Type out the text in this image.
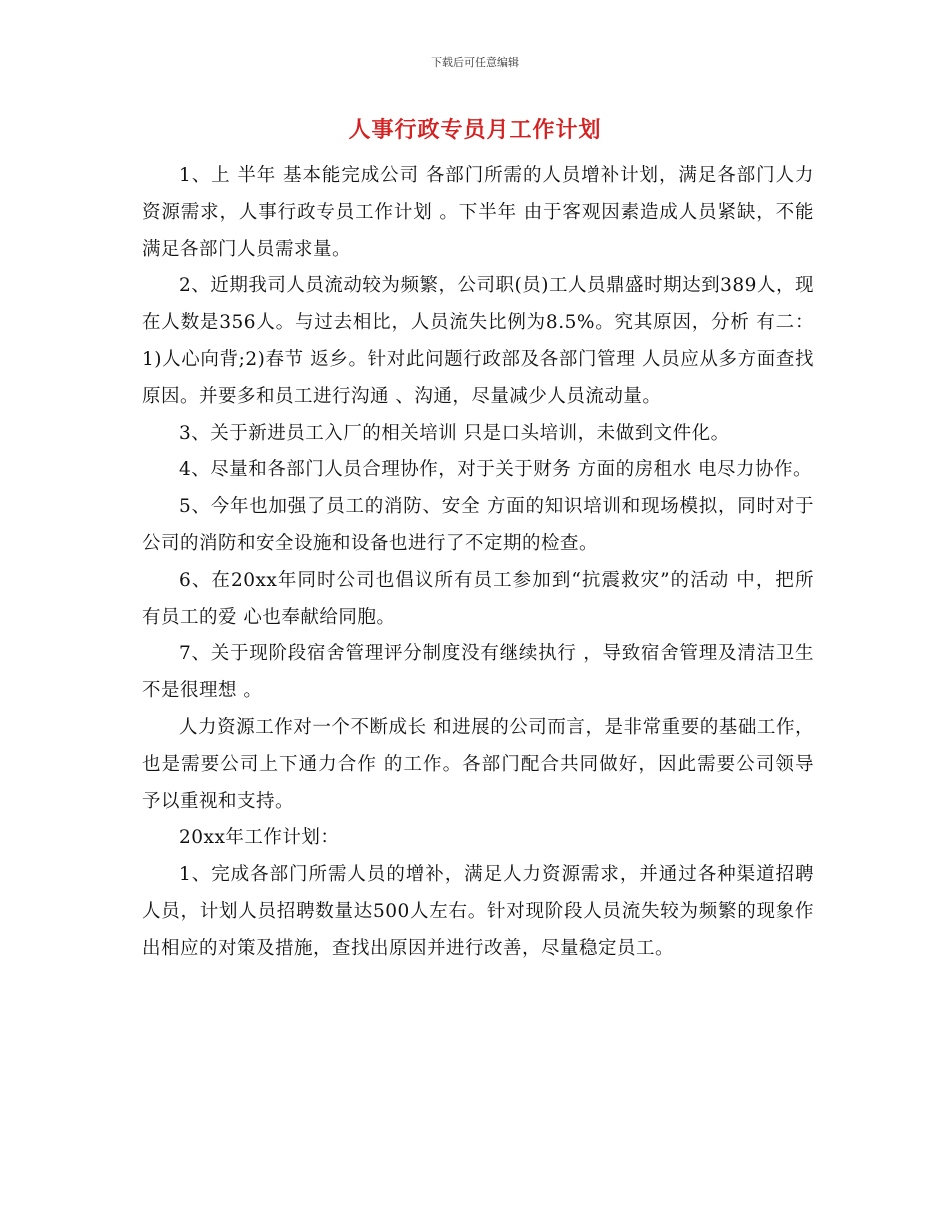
下载后可任意编辑
人事行政专员月工作计划

1、上 半年 基本能完成公司 各部门所需的人员增补计划，满足各部门人力资源需求，人事行政专员工作计划 。下半年 由于客观因素造成人员紧缺，不能满足各部门人员需求量。

2、近期我司人员流动较为频繁，公司职(员)工人员鼎盛时期达到389人，现在人数是356人。与过去相比，人员流失比例为8.5%。究其原因，分析 有二：1)人心向背;2)春节 返乡。针对此问题行政部及各部门管理 人员应从多方面查找原因。并要多和员工进行沟通 、沟通，尽量减少人员流动量。

3、关于新进员工入厂的相关培训 只是口头培训，未做到文件化。

4、尽量和各部门人员合理协作，对于关于财务 方面的房租水 电尽力协作。

5、今年也加强了员工的消防、安全 方面的知识培训和现场模拟，同时对于公司的消防和安全设施和设备也进行了不定期的检查。

6、在20xx年同时公司也倡议所有员工参加到“抗震救灾”的活动 中，把所有员工的爱 心也奉献给同胞。

7、关于现阶段宿舍管理评分制度没有继续执行 ，导致宿舍管理及清洁卫生不是很理想 。

人力资源工作对一个不断成长 和进展的公司而言，是非常重要的基础工作，也是需要公司上下通力合作 的工作。各部门配合共同做好，因此需要公司领导 予以重视和支持。

20xx年工作计划：

1、完成各部门所需人员的增补，满足人力资源需求，并通过各种渠道招聘 人员，计划人员招聘数量达500人左右。针对现阶段人员流失较为频繁的现象作出相应的对策及措施，查找出原因并进行改善，尽量稳定员工。
